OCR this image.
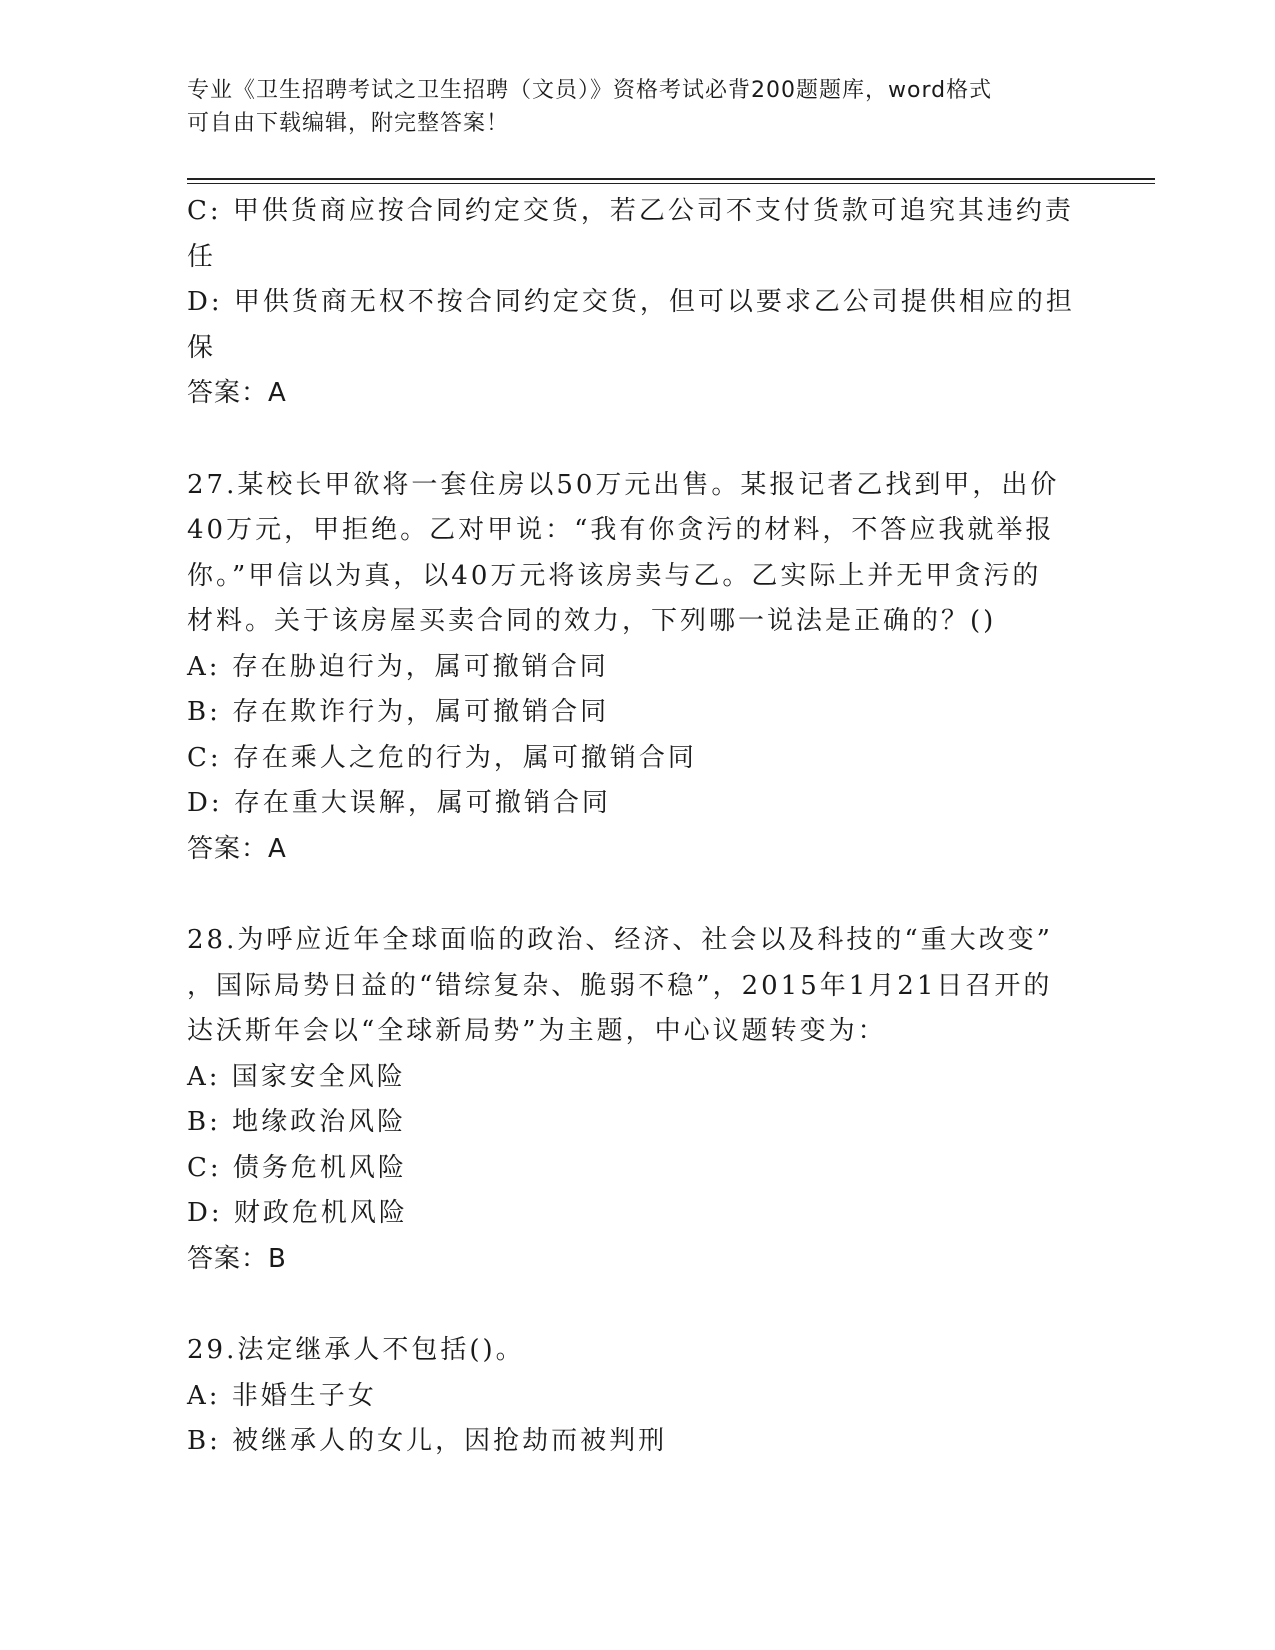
专业《卫生招聘考试之卫生招聘（文员）》资格考试必背200题题库，word格式
可自由下载编辑，附完整答案！
C: 甲供货商应按合同约定交货，若乙公司不支付货款可追究其违约责
任
D: 甲供货商无权不按合同约定交货，但可以要求乙公司提供相应的担
保
答案：A
27.某校长甲欲将一套住房以50万元出售。某报记者乙找到甲，出价
40万元，甲拒绝。乙对甲说：“我有你贪污的材料，不答应我就举报
你。”甲信以为真，以40万元将该房卖与乙。乙实际上并无甲贪污的
材料。关于该房屋买卖合同的效力，下列哪一说法是正确的？()
A: 存在胁迫行为，属可撤销合同
B: 存在欺诈行为，属可撤销合同
C: 存在乘人之危的行为，属可撤销合同
D: 存在重大误解，属可撤销合同
答案：A
28.为呼应近年全球面临的政治、经济、社会以及科技的“重大改变”
，国际局势日益的“错综复杂、脆弱不稳”，2015年1月21日召开的
达沃斯年会以“全球新局势”为主题，中心议题转变为：
A: 国家安全风险
B: 地缘政治风险
C: 债务危机风险
D: 财政危机风险
答案：B
29.法定继承人不包括()。
A: 非婚生子女
B: 被继承人的女儿，因抢劫而被判刑
